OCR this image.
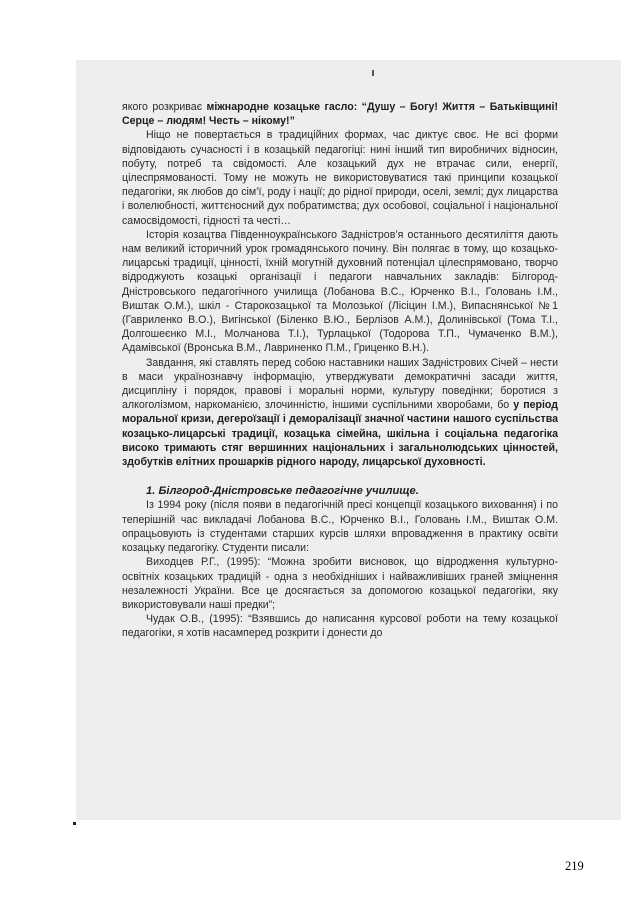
якого розкриває міжнародне козацьке гасло: “Душу – Богу! Життя – Батьківщині! Серце – людям! Честь – нікому!”

Ніщо не повертається в традиційних формах, час диктує своє. Не всі форми відповідають сучасності і в козацькій педагогіці: нині інший тип виробничих відносин, побуту, потреб та свідомості. Але козацький дух не втрачає сили, енергії, цілеспрямованості. Тому не можуть не використовуватися такі принципи козацької педагогіки, як любов до сім’ї, роду і нації; до рідної природи, оселі, землі; дух лицарства і волелюбності, життєносний дух побратимства; дух особової, соціальної і національної самосвідомості, гідності та честі…

Історія козацтва Південноукраїнського Задністров’я останнього десятиліття дають нам великий історичний урок громадянського почину. Він полягає в тому, що козацько-лицарські традиції, цінності, їхній могутній духовний потенціал цілеспрямовано, творчо відроджують козацькі організації і педагоги навчальних закладів: Білгород-Дністровського педагогічного училища (Лобанова В.С., Юрченко В.І., Головань І.М., Виштак О.М.), шкіл - Старокозацької та Молозької (Ліcіцин І.М.), Випаснянської №1 (Гавриленко В.О.), Вигінської (Біленко В.Ю., Берлізов А.М.), Долинівської (Тома Т.І., Долгошеєнко М.І., Молчанова Т.І.), Турлацької (Тодорова Т.П., Чумаченко В.М.), Адамівської (Вронська В.М., Лавриненко П.М., Гриценко В.Н.).

Завдання, які ставлять перед собою наставники наших Задністрових Січей – нести в маси українознавчу інформацію, утверджувати демократичні засади життя, дисципліну і порядок, правові і моральні норми, культуру поведінки; боротися з алкоголізмом, наркоманією, злочинністю, іншими суспільними хворобами, бо у період моральної кризи, дегероїзації і деморалізації значної частини нашого суспільства козацько-лицарські традиції, козацька сімейна, шкільна і соціальна педагогіка високо тримають стяг вершинних національних і загальнолюдських цінностей, здобутків елітних прошарків рідного народу, лицарської духовності.

1. Білгород-Дністровське педагогічне училище.

Із 1994 року (після появи в педагогічній пресі концепції козацького виховання) і по теперішній час викладачі Лобанова В.С., Юрченко В.І., Головань І.М., Виштак О.М. опрацьовують із студентами старших курсів шляхи впровадження в практику освіти козацьку педагогіку. Студенти писали:

Виходцев Р.Г., (1995): “Можна зробити висновок, що відродження культурно-освітніх козацьких традицій - одна з необхідніших і найважливіших граней зміцнення незалежності України. Все це досягається за допомогою козацької педагогіки, яку використовували наші предки”;

Чудак О.В., (1995): “Взявшись до написання курсової роботи на тему козацької педагогіки, я хотів насамперед розкрити і донести до

219
